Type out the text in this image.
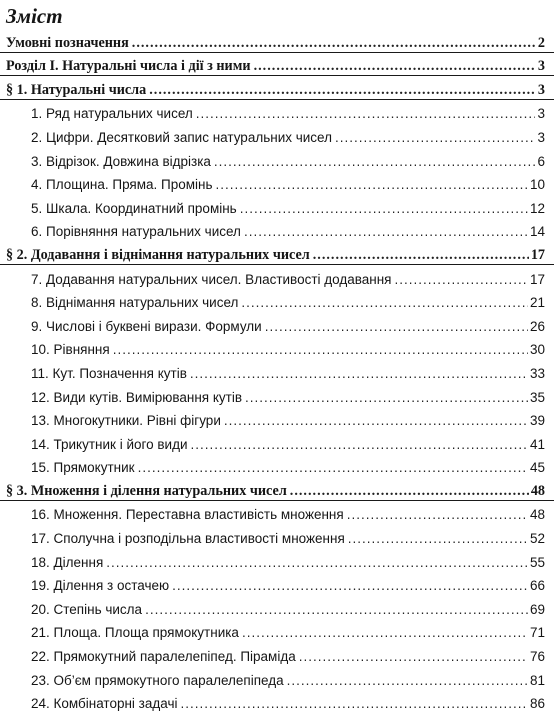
Зміст
Умовні позначення .....	2
Розділ І. Натуральні числа і дії з ними .....	3
§ 1. Натуральні числа .....	3
1. Ряд натуральних чисел .....	3
2. Цифри. Десятковий запис натуральних чисел .....	3
3. Відрізок. Довжина відрізка .....	6
4. Площина. Пряма. Промінь .....	10
5. Шкала. Координатний промінь .....	12
6. Порівняння натуральних чисел .....	14
§ 2. Додавання і віднімання натуральних чисел .....	17
7. Додавання натуральних чисел. Властивості додавання .....	17
8. Віднімання натуральних чисел .....	21
9. Числові і буквені вирази. Формули .....	26
10. Рівняння .....	30
11. Кут. Позначення кутів .....	33
12. Види кутів. Вимірювання кутів .....	35
13. Многокутники. Рівні фігури .....	39
14. Трикутник і його види .....	41
15. Прямокутник .....	45
§ 3. Множення і ділення натуральних чисел .....	48
16. Множення. Переставна властивість множення .....	48
17. Сполучна і розподільна властивості множення .....	52
18. Ділення .....	55
19. Ділення з остачею .....	66
20. Степінь числа .....	69
21. Площа. Площа прямокутника .....	71
22. Прямокутний паралелепіпед. Піраміда .....	76
23. Об’єм прямокутного паралелепіпеда .....	81
24. Комбінаторні задачі .....	86
